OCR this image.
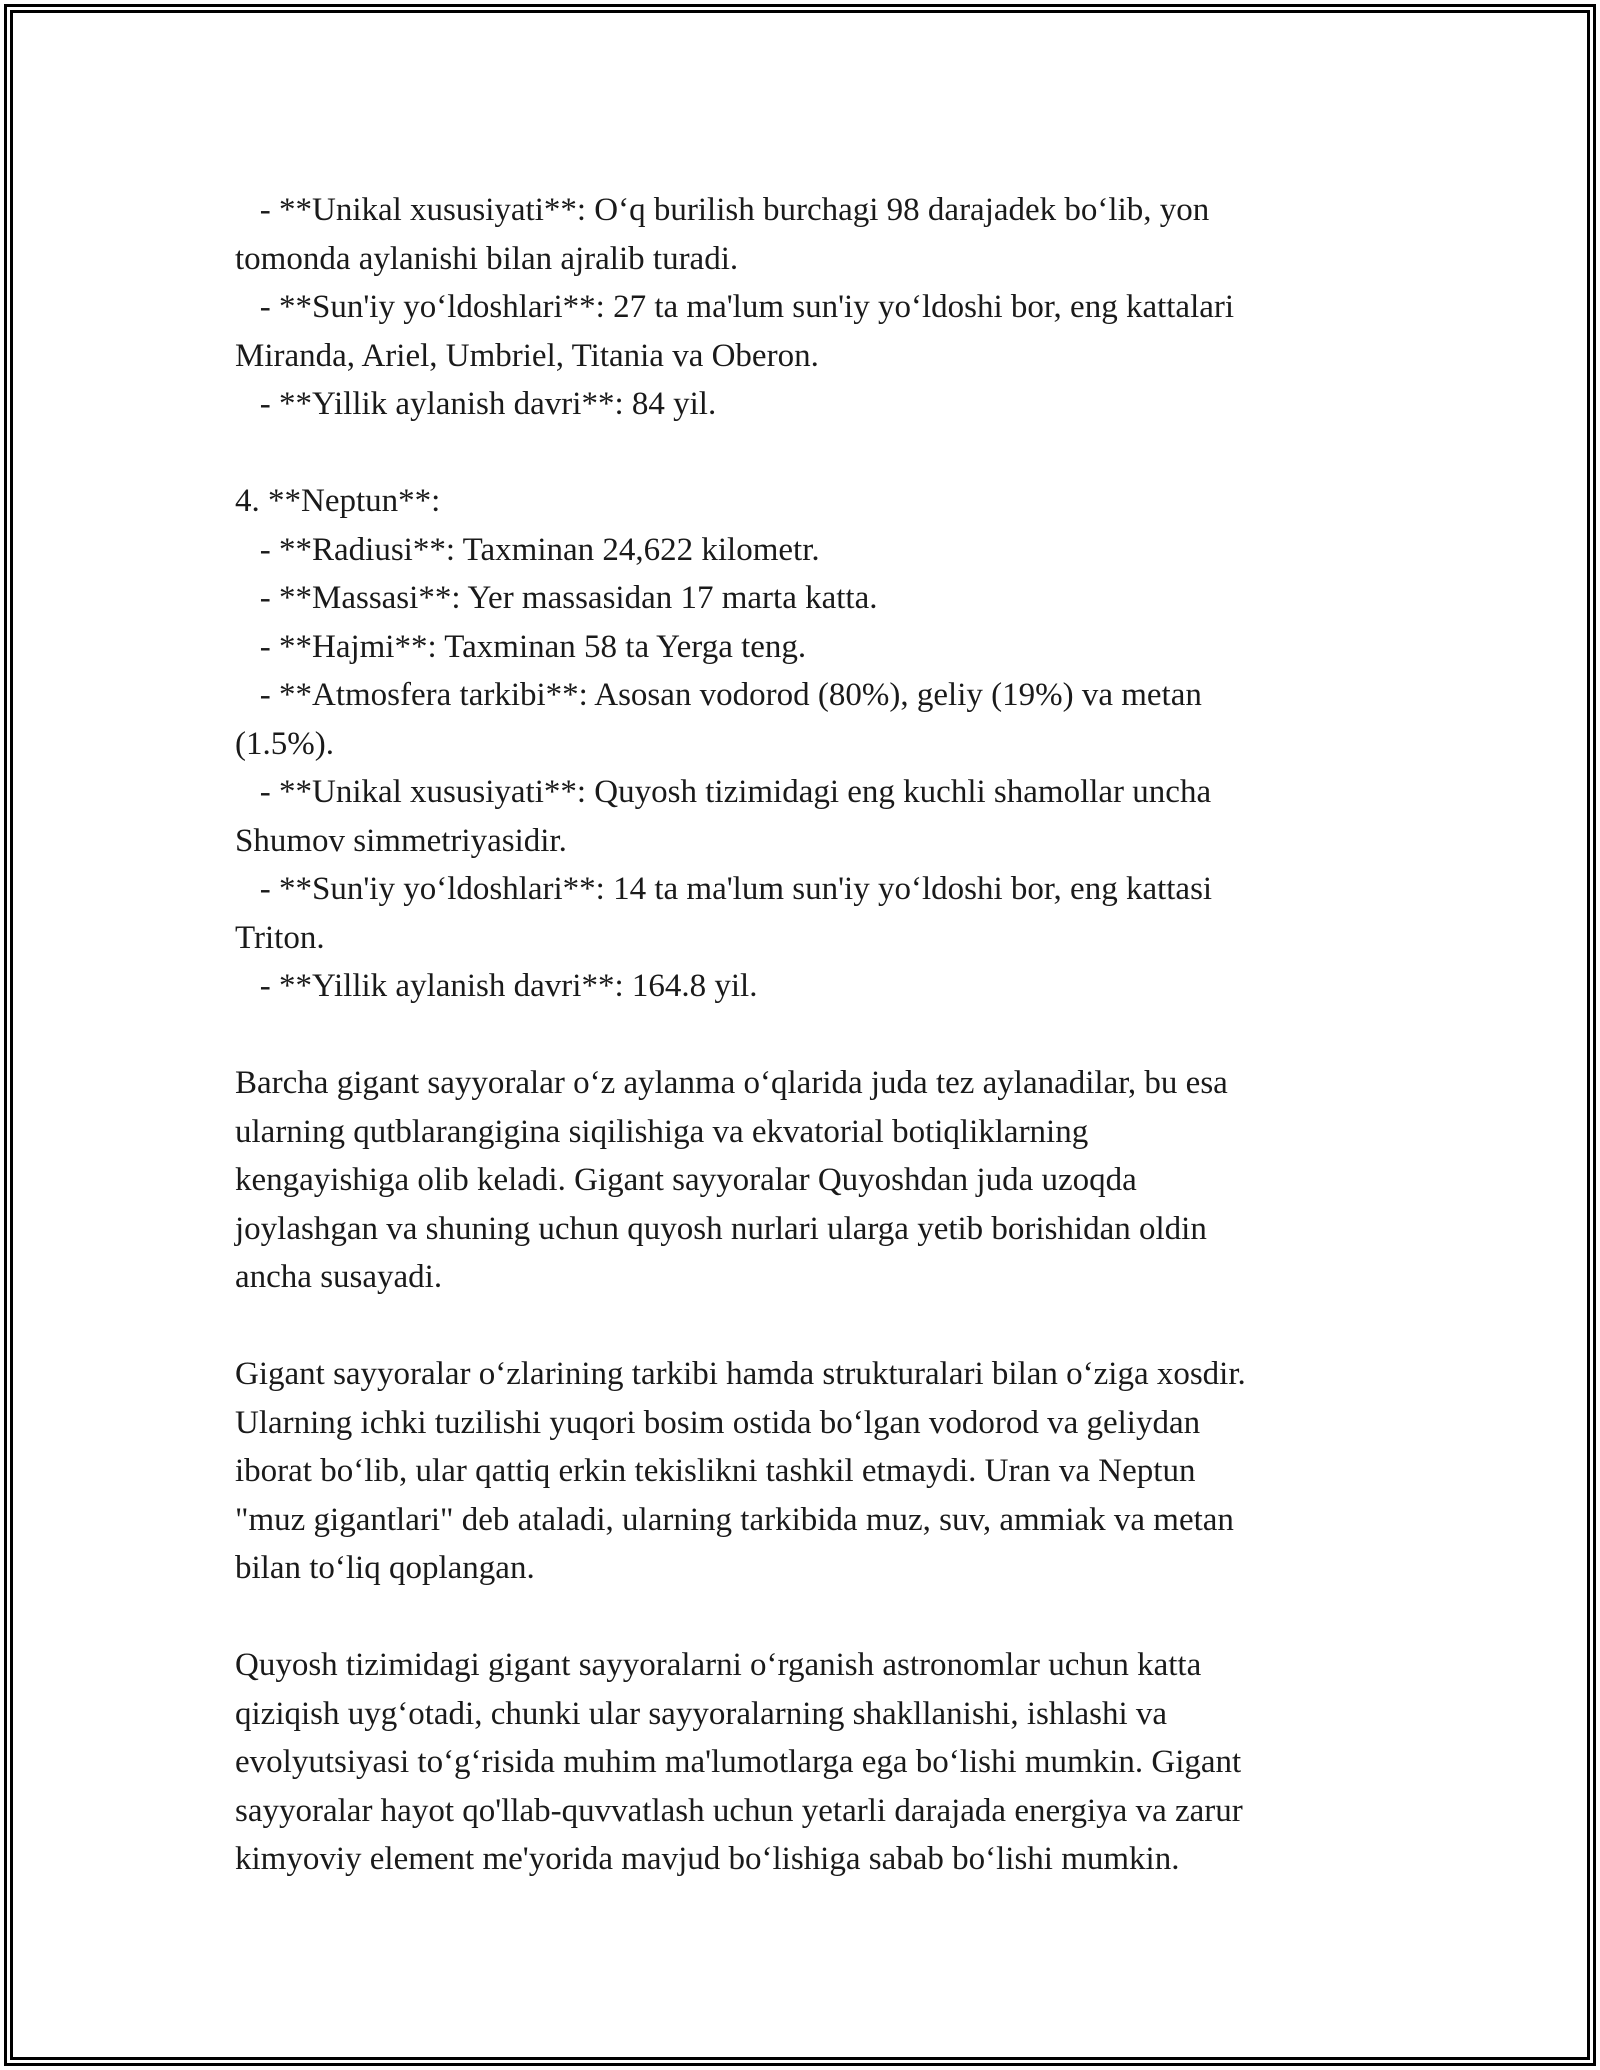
- **Unikal xususiyati**: O‘q burilish burchagi 98 darajadek bo‘lib, yon
tomonda aylanishi bilan ajralib turadi.
- **Sun'iy yo‘ldoshlari**: 27 ta ma'lum sun'iy yo‘ldoshi bor, eng kattalari
Miranda, Ariel, Umbriel, Titania va Oberon.
- **Yillik aylanish davri**: 84 yil.
4. **Neptun**:
- **Radiusi**: Taxminan 24,622 kilometr.
- **Massasi**: Yer massasidan 17 marta katta.
- **Hajmi**: Taxminan 58 ta Yerga teng.
- **Atmosfera tarkibi**: Asosan vodorod (80%), geliy (19%) va metan
(1.5%).
- **Unikal xususiyati**: Quyosh tizimidagi eng kuchli shamollar uncha
Shumov simmetriyasidir.
- **Sun'iy yo‘ldoshlari**: 14 ta ma'lum sun'iy yo‘ldoshi bor, eng kattasi
Triton.
- **Yillik aylanish davri**: 164.8 yil.
Barcha gigant sayyoralar o‘z aylanma o‘qlarida juda tez aylanadilar, bu esa
ularning qutblarangigina siqilishiga va ekvatorial botiqliklarning
kengayishiga olib keladi. Gigant sayyoralar Quyoshdan juda uzoqda
joylashgan va shuning uchun quyosh nurlari ularga yetib borishidan oldin
ancha susayadi.
Gigant sayyoralar o‘zlarining tarkibi hamda strukturalari bilan o‘ziga xosdir.
Ularning ichki tuzilishi yuqori bosim ostida bo‘lgan vodorod va geliydan
iborat bo‘lib, ular qattiq erkin tekislikni tashkil etmaydi. Uran va Neptun
"muz gigantlari" deb ataladi, ularning tarkibida muz, suv, ammiak va metan
bilan to‘liq qoplangan.
Quyosh tizimidagi gigant sayyoralarni o‘rganish astronomlar uchun katta
qiziqish uyg‘otadi, chunki ular sayyoralarning shakllanishi, ishlashi va
evolyutsiyasi to‘g‘risida muhim ma'lumotlarga ega bo‘lishi mumkin. Gigant
sayyoralar hayot qo'llab-quvvatlash uchun yetarli darajada energiya va zarur
kimyoviy element me'yorida mavjud bo‘lishiga sabab bo‘lishi mumkin.
